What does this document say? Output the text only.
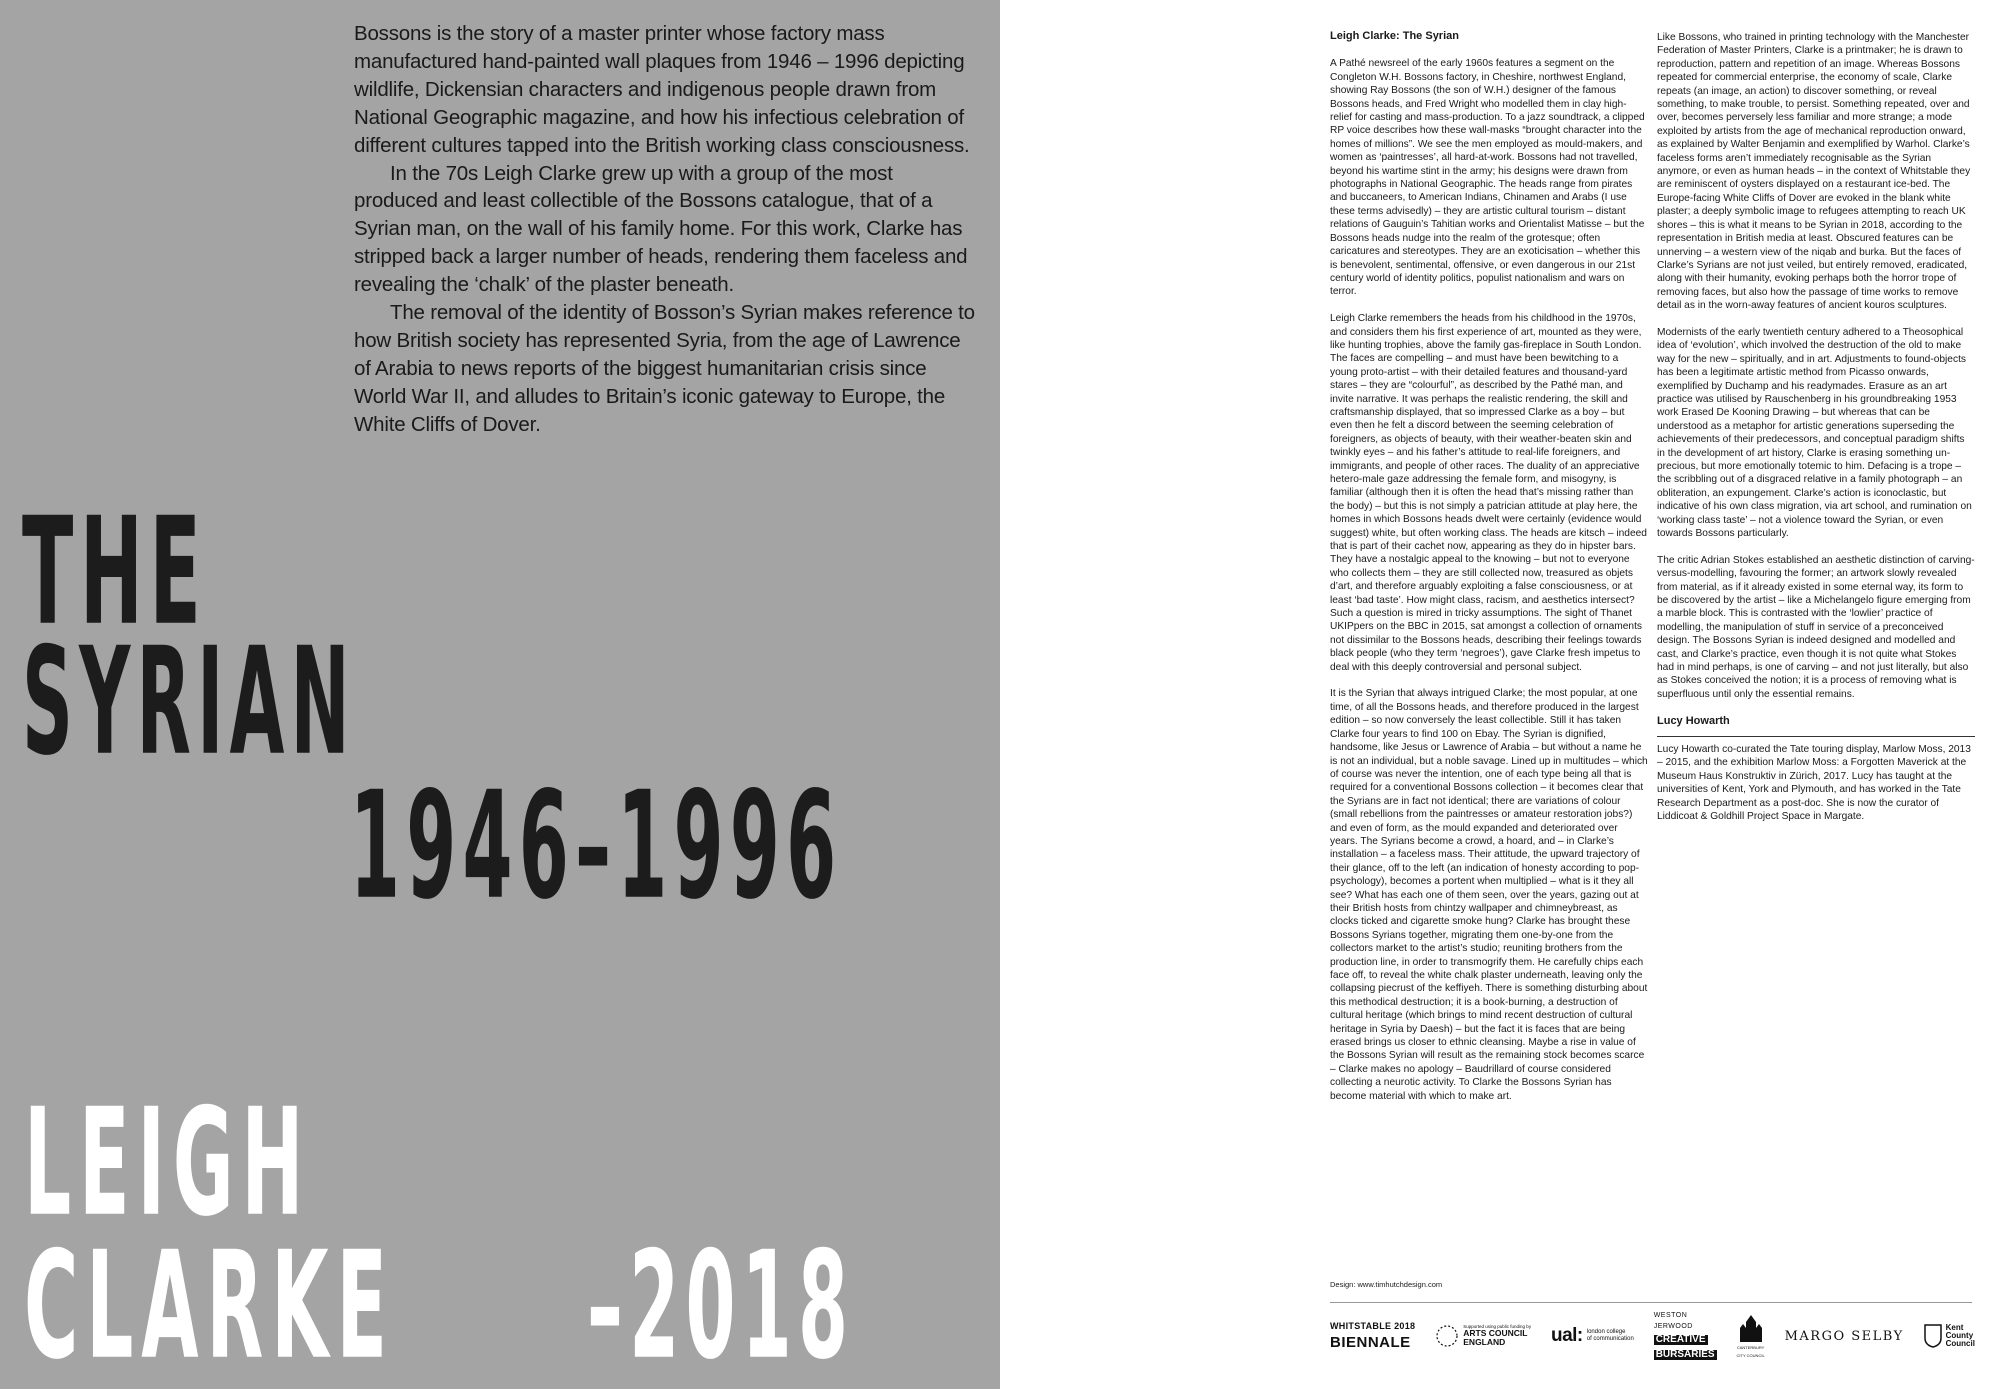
Bossons is the story of a master printer whose factory mass manufactured hand-painted wall plaques from 1946 – 1996 depicting wildlife, Dickensian characters and indigenous people drawn from National Geographic magazine, and how his infectious celebration of different cultures tapped into the British working class consciousness.

In the 70s Leigh Clarke grew up with a group of the most produced and least collectible of the Bossons catalogue, that of a Syrian man, on the wall of his family home. For this work, Clarke has stripped back a larger number of heads, rendering them faceless and revealing the ‘chalk’ of the plaster beneath.

The removal of the identity of Bosson’s Syrian makes reference to how British society has represented Syria, from the age of Lawrence of Arabia to news reports of the biggest humanitarian crisis since World War II, and alludes to Britain’s iconic gateway to Europe, the White Cliffs of Dover.

THE
SYRIAN
1946–1996
LEIGH
CLARKE –2018

Leigh Clarke: The Syrian

A Pathé newsreel of the early 1960s features a segment on the Congleton W.H. Bossons factory, in Cheshire, northwest England, showing Ray Bossons (the son of W.H.) designer of the famous Bossons heads, and Fred Wright who modelled them in clay high-relief for casting and mass-production. To a jazz soundtrack, a clipped RP voice describes how these wall-masks “brought character into the homes of millions”. We see the men employed as mould-makers, and women as ‘paintresses’, all hard-at-work. Bossons had not travelled, beyond his wartime stint in the army; his designs were drawn from photographs in National Geographic. The heads range from pirates and buccaneers, to American Indians, Chinamen and Arabs (I use these terms advisedly) – they are artistic cultural tourism – distant relations of Gauguin’s Tahitian works and Orientalist Matisse – but the Bossons heads nudge into the realm of the grotesque; often caricatures and stereotypes. They are an exoticisation – whether this is benevolent, sentimental, offensive, or even dangerous in our 21st century world of identity politics, populist nationalism and wars on terror.

Leigh Clarke remembers the heads from his childhood in the 1970s, and considers them his first experience of art, mounted as they were, like hunting trophies, above the family gas-fireplace in South London. The faces are compelling – and must have been bewitching to a young proto-artist – with their detailed features and thousand-yard stares – they are “colourful”, as described by the Pathé man, and invite narrative. It was perhaps the realistic rendering, the skill and craftsmanship displayed, that so impressed Clarke as a boy – but even then he felt a discord between the seeming celebration of foreigners, as objects of beauty, with their weather-beaten skin and twinkly eyes – and his father’s attitude to real-life foreigners, and immigrants, and people of other races. The duality of an appreciative hetero-male gaze addressing the female form, and misogyny, is familiar (although then it is often the head that’s missing rather than the body) – but this is not simply a patrician attitude at play here, the homes in which Bossons heads dwelt were certainly (evidence would suggest) white, but often working class. The heads are kitsch – indeed that is part of their cachet now, appearing as they do in hipster bars. They have a nostalgic appeal to the knowing – but not to everyone who collects them – they are still collected now, treasured as objets d’art, and therefore arguably exploiting a false consciousness, or at least ‘bad taste’. How might class, racism, and aesthetics intersect? Such a question is mired in tricky assumptions. The sight of Thanet UKIPpers on the BBC in 2015, sat amongst a collection of ornaments not dissimilar to the Bossons heads, describing their feelings towards black people (who they term ‘negroes’), gave Clarke fresh impetus to deal with this deeply controversial and personal subject.

It is the Syrian that always intrigued Clarke; the most popular, at one time, of all the Bossons heads, and therefore produced in the largest edition – so now conversely the least collectible. Still it has taken Clarke four years to find 100 on Ebay. The Syrian is dignified, handsome, like Jesus or Lawrence of Arabia – but without a name he is not an individual, but a noble savage. Lined up in multitudes – which of course was never the intention, one of each type being all that is required for a conventional Bossons collection – it becomes clear that the Syrians are in fact not identical; there are variations of colour (small rebellions from the paintresses or amateur restoration jobs?) and even of form, as the mould expanded and deteriorated over years. The Syrians become a crowd, a hoard, and – in Clarke’s installation – a faceless mass. Their attitude, the upward trajectory of their glance, off to the left (an indication of honesty according to pop-psychology), becomes a portent when multiplied – what is it they all see? What has each one of them seen, over the years, gazing out at their British hosts from chintzy wallpaper and chimneybreast, as clocks ticked and cigarette smoke hung? Clarke has brought these Bossons Syrians together, migrating them one-by-one from the collectors market to the artist’s studio; reuniting brothers from the production line, in order to transmogrify them. He carefully chips each face off, to reveal the white chalk plaster underneath, leaving only the collapsing piecrust of the keffiyeh. There is something disturbing about this methodical destruction; it is a book-burning, a destruction of cultural heritage (which brings to mind recent destruction of cultural heritage in Syria by Daesh) – but the fact it is faces that are being erased brings us closer to ethnic cleansing. Maybe a rise in value of the Bossons Syrian will result as the remaining stock becomes scarce – Clarke makes no apology – Baudrillard of course considered collecting a neurotic activity. To Clarke the Bossons Syrian has become material with which to make art.

Like Bossons, who trained in printing technology with the Manchester Federation of Master Printers, Clarke is a printmaker; he is drawn to reproduction, pattern and repetition of an image. Whereas Bossons repeated for commercial enterprise, the economy of scale, Clarke repeats (an image, an action) to discover something, or reveal something, to make trouble, to persist. Something repeated, over and over, becomes perversely less familiar and more strange; a mode exploited by artists from the age of mechanical reproduction onward, as explained by Walter Benjamin and exemplified by Warhol. Clarke’s faceless forms aren’t immediately recognisable as the Syrian anymore, or even as human heads – in the context of Whitstable they are reminiscent of oysters displayed on a restaurant ice-bed. The Europe-facing White Cliffs of Dover are evoked in the blank white plaster; a deeply symbolic image to refugees attempting to reach UK shores – this is what it means to be Syrian in 2018, according to the representation in British media at least. Obscured features can be unnerving – a western view of the niqab and burka. But the faces of Clarke’s Syrians are not just veiled, but entirely removed, eradicated, along with their humanity, evoking perhaps both the horror trope of removing faces, but also how the passage of time works to remove detail as in the worn-away features of ancient kouros sculptures.

Modernists of the early twentieth century adhered to a Theosophical idea of ‘evolution’, which involved the destruction of the old to make way for the new – spiritually, and in art. Adjustments to found-objects has been a legitimate artistic method from Picasso onwards, exemplified by Duchamp and his readymades. Erasure as an art practice was utilised by Rauschenberg in his groundbreaking 1953 work Erased De Kooning Drawing – but whereas that can be understood as a metaphor for artistic generations superseding the achievements of their predecessors, and conceptual paradigm shifts in the development of art history, Clarke is erasing something un-precious, but more emotionally totemic to him. Defacing is a trope – the scribbling out of a disgraced relative in a family photograph – an obliteration, an expungement. Clarke’s action is iconoclastic, but indicative of his own class migration, via art school, and rumination on ‘working class taste’ – not a violence toward the Syrian, or even towards Bossons particularly.

The critic Adrian Stokes established an aesthetic distinction of carving-versus-modelling, favouring the former; an artwork slowly revealed from material, as if it already existed in some eternal way, its form to be discovered by the artist – like a Michelangelo figure emerging from a marble block. This is contrasted with the ‘lowlier’ practice of modelling, the manipulation of stuff in service of a preconceived design. The Bossons Syrian is indeed designed and modelled and cast, and Clarke’s practice, even though it is not quite what Stokes had in mind perhaps, is one of carving – and not just literally, but also as Stokes conceived the notion; it is a process of removing what is superfluous until only the essential remains.

Lucy Howarth

Lucy Howarth co-curated the Tate touring display, Marlow Moss, 2013 – 2015, and the exhibition Marlow Moss: a Forgotten Maverick at the Museum Haus Konstruktiv in Zürich, 2017. Lucy has taught at the universities of Kent, York and Plymouth, and has worked in the Tate Research Department as a post-doc. She is now the curator of Liddicoat & Goldhill Project Space in Margate.

Design: www.timhutchdesign.com
WHITSTABLE 2018
BIENNALE
Supported using public funding by
ARTS COUNCIL
ENGLAND	ual: london college
of communication
WESTON
JERWOOD
CREATIVE
BURSARIES
CANTERBURY
CITY COUNCIL
MARGO SELBY
Kent
County
Council
